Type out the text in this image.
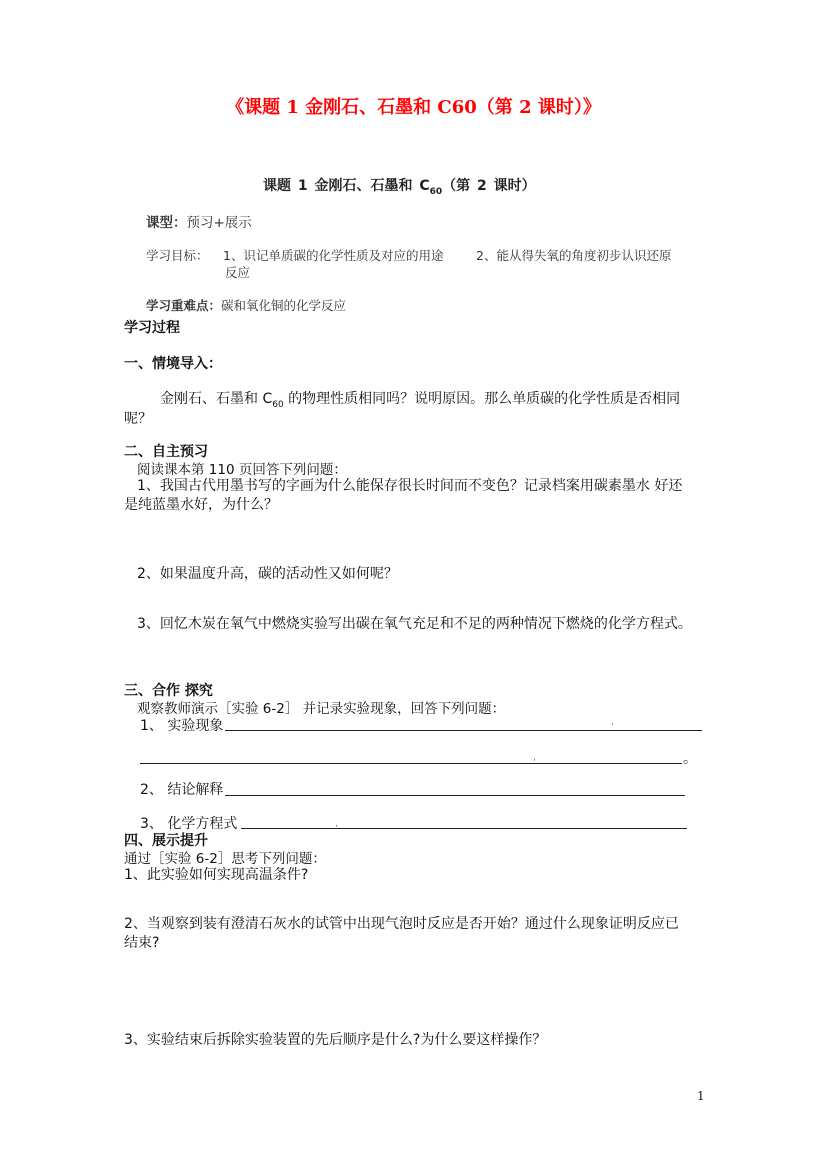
《课题 1 金刚石、石墨和 C60（第 2 课时）》
课题 1 金刚石、石墨和 $C_{60}$（第 2 课时）
课型：预习+展示
学习目标： 1、识记单质碳的化学性质及对应的用途	2、能从得失氧的角度初步认识还原
反应
学习重难点：碳和氧化铜的化学反应
学习过程
一、情境导入：
金刚石、石墨和 $C_{60}$ 的物理性质相同吗？说明原因。那么单质碳的化学性质是否相同
呢？
二、自主预习
阅读课本第 110 页回答下列问题：
1、我国古代用墨书写的字画为什么能保存很长时间而不变色？记录档案用碳素墨水 好还
是纯蓝墨水好，为什么？
2、如果温度升高，碳的活动性又如何呢？
3、回忆木炭在氧气中燃烧实验写出碳在氧气充足和不足的两种情况下燃烧的化学方程式。
三、合作 探究
观察教师演示［实验 6-2］ 并记录实验现象，回答下列问题：
1、 实验现象
。
2、 结论解释
3、 化学方程式
,
,
,
四、展示提升
通过［实验 6-2］思考下列问题：
1、此实验如何实现高温条件?
2、当观察到装有澄清石灰水的试管中出现气泡时反应是否开始？通过什么现象证明反应已
结束?
3、实验结束后拆除实验装置的先后顺序是什么?为什么要这样操作？
1
